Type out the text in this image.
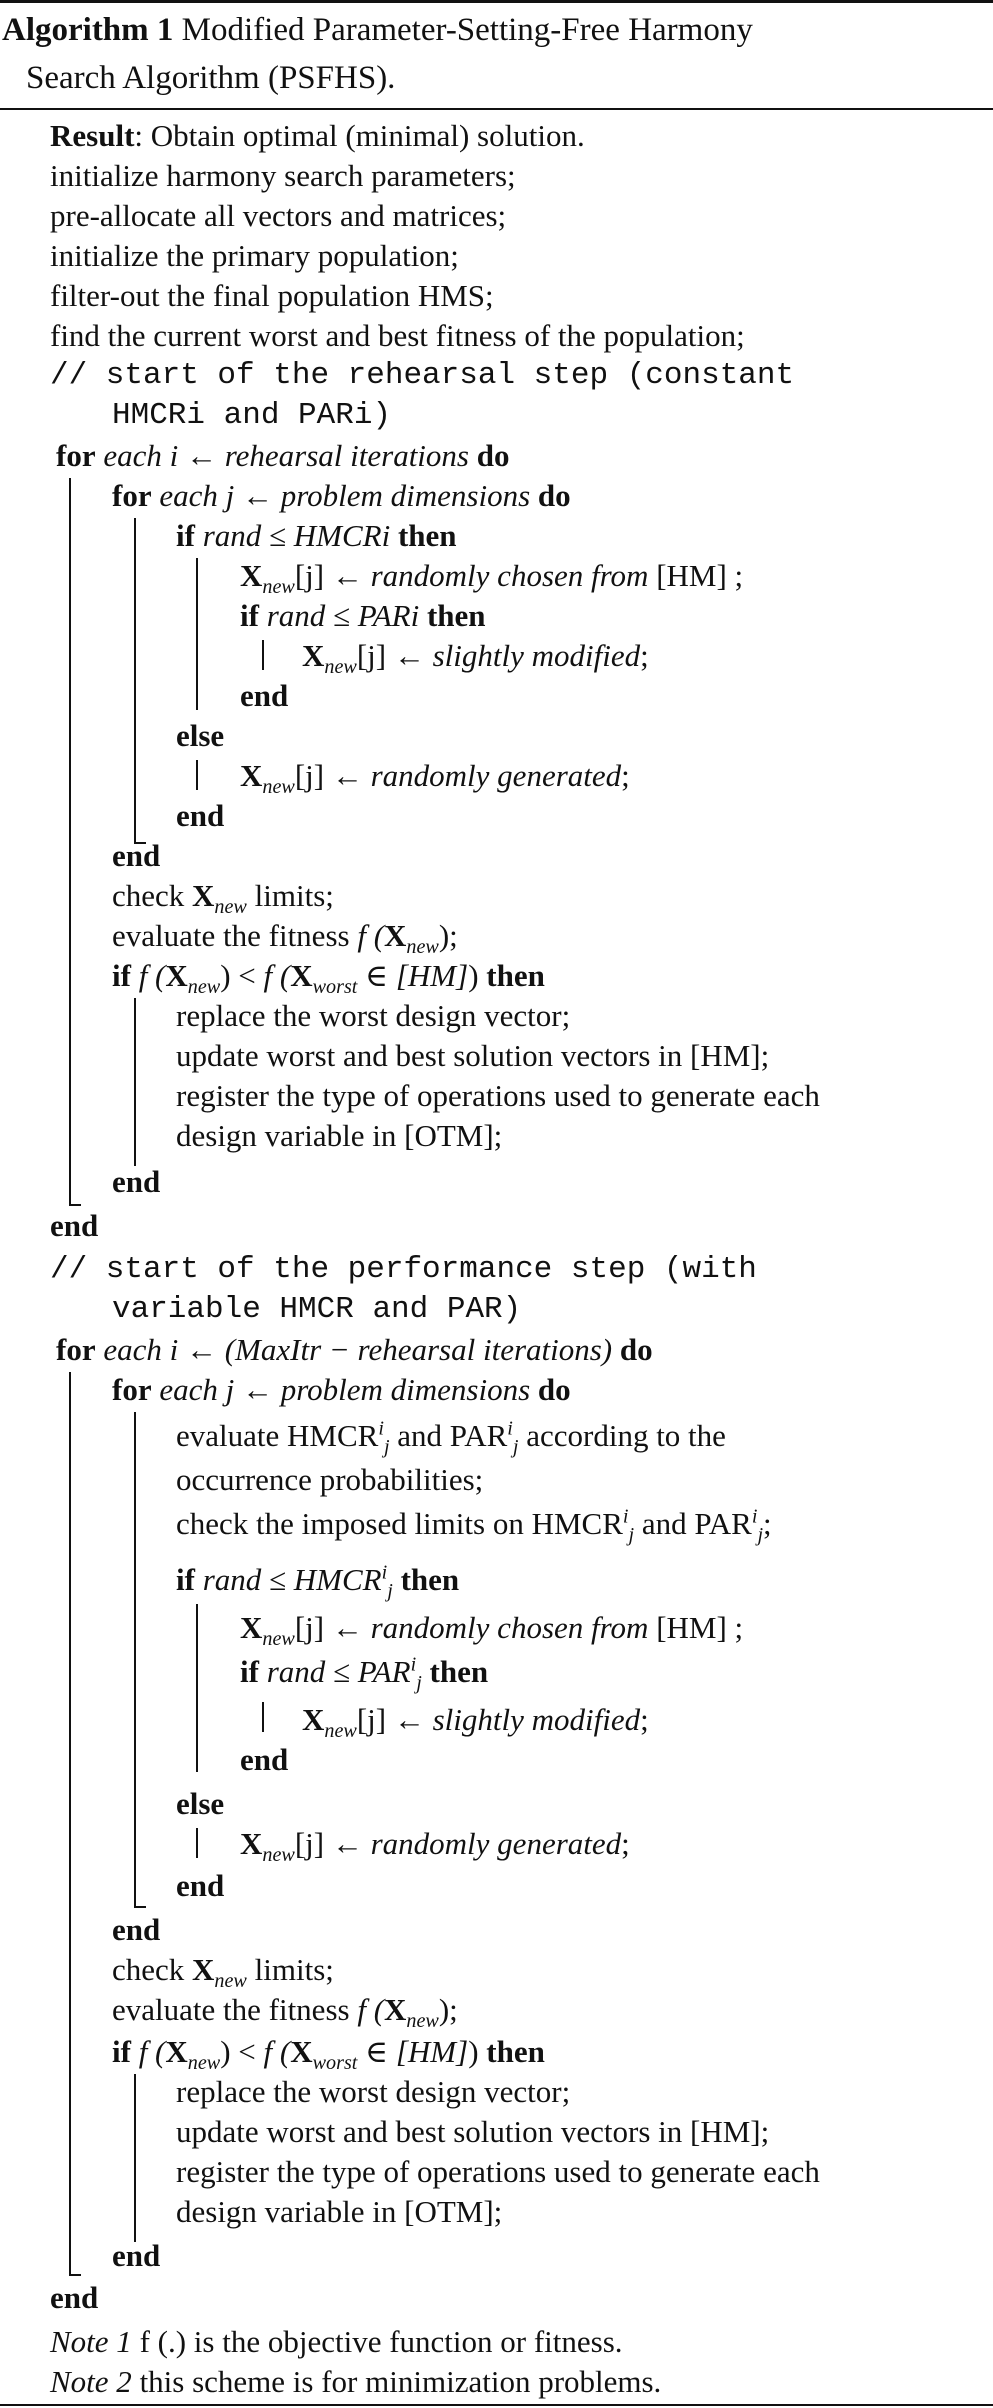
Algorithm 1 Modified Parameter-Setting-Free Harmony
Search Algorithm (PSFHS).
Result: Obtain optimal (minimal) solution.
initialize harmony search parameters;
pre-allocate all vectors and matrices;
initialize the primary population;
filter-out the final population HMS;
find the current worst and best fitness of the population;
// start of the rehearsal step (constant
HMCRi and PARi)
for each i ← rehearsal iterations do
for each j ← problem dimensions do
if rand ≤ HMCRi then
$X_{new}[j]$ ← randomly chosen from [HM] ;
if rand ≤ PARi then
$X_{new}[j]$ ← slightly modified;
end
else
$X_{new}[j]$ ← randomly generated;
end
end
check $X_{new}$ limits;
evaluate the fitness f $(X_{new})$;
if f $(X_{new}) < f$ ($X_{worst}$ ∈ [HM]) then
replace the worst design vector;
update worst and best solution vectors in [HM];
register the type of operations used to generate each
design variable in [OTM];
end
end
// start of the performance step (with
variable HMCR and PAR)
for each i ← (MaxItr − rehearsal iterations) do
for each j ← problem dimensions do
evaluate $HMCR^i_j$ and $PAR^i_j$ according to the
occurrence probabilities;
check the imposed limits on $HMCR^i_j$ and $PAR^i_j$;
if rand ≤ $HMCR^i_j$ then
$X_{new}[j]$ ← randomly chosen from [HM] ;
if rand ≤ $PAR^i_j$ then
$X_{new}[j]$ ← slightly modified;
end
else
$X_{new}[j]$ ← randomly generated;
end
end
check $X_{new}$ limits;
evaluate the fitness f $(X_{new})$;
if f $(X_{new}) < f$ ($X_{worst}$ ∈ [HM]) then
replace the worst design vector;
update worst and best solution vectors in [HM];
register the type of operations used to generate each
design variable in [OTM];
end
end
Note 1 f (.) is the objective function or fitness.
Note 2 this scheme is for minimization problems.
